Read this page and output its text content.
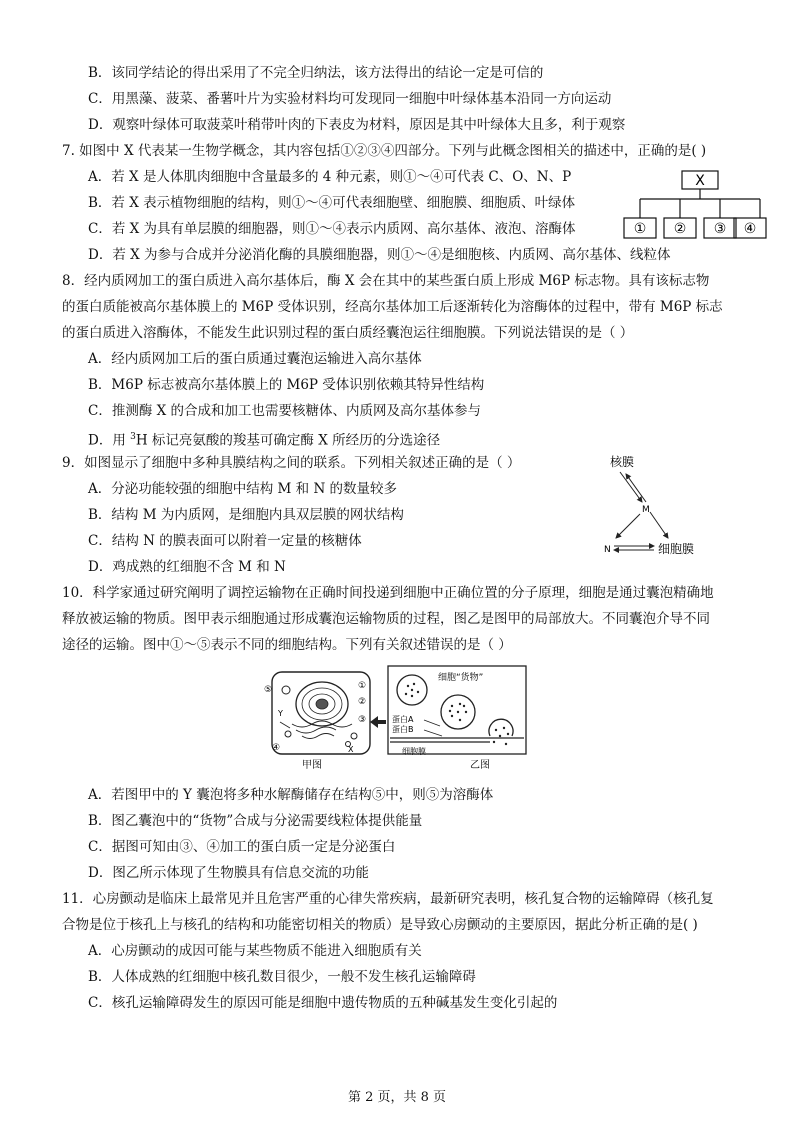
B．该同学结论的得出采用了不完全归纳法，该方法得出的结论一定是可信的
C．用黑藻、菠菜、番薯叶片为实验材料均可发现同一细胞中叶绿体基本沿同一方向运动
D．观察叶绿体可取菠菜叶稍带叶肉的下表皮为材料，原因是其中叶绿体大且多，利于观察
7. 如图中 X 代表某一生物学概念，其内容包括①②③④四部分。下列与此概念图相关的描述中，正确的是( )
A．若 X 是人体肌肉细胞中含量最多的 4 种元素，则①～④可代表 C、O、N、P
B．若 X 表示植物细胞的结构，则①～④可代表细胞壁、细胞膜、细胞质、叶绿体
C．若 X 为具有单层膜的细胞器，则①～④表示内质网、高尔基体、液泡、溶酶体
D．若 X 为参与合成并分泌消化酶的具膜细胞器，则①～④是细胞核、内质网、高尔基体、线粒体
X
① ② ③ ④
8．经内质网加工的蛋白质进入高尔基体后，酶 X 会在其中的某些蛋白质上形成 M6P 标志物。具有该标志物
的蛋白质能被高尔基体膜上的 M6P 受体识别，经高尔基体加工后逐渐转化为溶酶体的过程中，带有 M6P 标志
的蛋白质进入溶酶体，不能发生此识别过程的蛋白质经囊泡运往细胞膜。下列说法错误的是（ ）
A．经内质网加工后的蛋白质通过囊泡运输进入高尔基体
B．M6P 标志被高尔基体膜上的 M6P 受体识别依赖其特异性结构
C．推测酶 X 的合成和加工也需要核糖体、内质网及高尔基体参与
D．用 $^3$H 标记亮氨酸的羧基可确定酶 X 所经历的分选途径
9．如图显示了细胞中多种具膜结构之间的联系。下列相关叙述正确的是（ ）
A．分泌功能较强的细胞中结构 M 和 N 的数量较多
B．结构 M 为内质网，是细胞内具双层膜的网状结构
C．结构 N 的膜表面可以附着一定量的核糖体
D．鸡成熟的红细胞不含 M 和 N
核膜
M
N	细胞膜
10．科学家通过研究阐明了调控运输物在正确时间投递到细胞中正确位置的分子原理，细胞是通过囊泡精确地
释放被运输的物质。图甲表示细胞通过形成囊泡运输物质的过程，图乙是图甲的局部放大。不同囊泡介导不同
途径的运输。图中①～⑤表示不同的细胞结构。下列有关叙述错误的是（ ）
⑤
Y
①
②
③
④	X
甲图
细胞“货物”
蛋白A
蛋白B
细胞膜
乙图
A．若图甲中的 Y 囊泡将多种水解酶储存在结构⑤中，则⑤为溶酶体
B．图乙囊泡中的“货物”合成与分泌需要线粒体提供能量
C．据图可知由③、④加工的蛋白质一定是分泌蛋白
D．图乙所示体现了生物膜具有信息交流的功能
11．心房颤动是临床上最常见并且危害严重的心律失常疾病，最新研究表明，核孔复合物的运输障碍（核孔复
合物是位于核孔上与核孔的结构和功能密切相关的物质）是导致心房颤动的主要原因，据此分析正确的是( )
A．心房颤动的成因可能与某些物质不能进入细胞质有关
B．人体成熟的红细胞中核孔数目很少，一般不发生核孔运输障碍
C．核孔运输障碍发生的原因可能是细胞中遗传物质的五种碱基发生变化引起的
第 2 页，共 8 页
